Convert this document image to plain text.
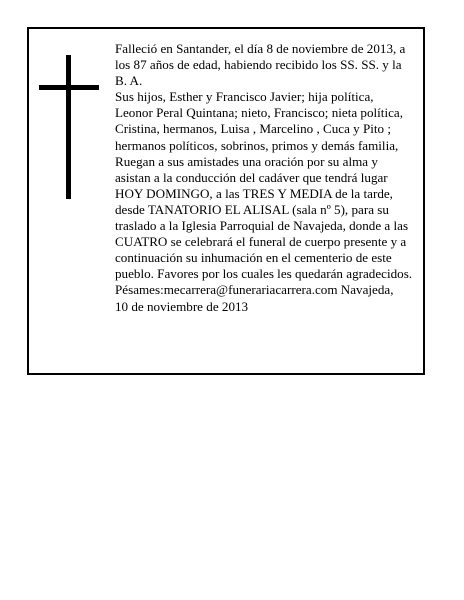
Falleció en Santander, el día 8 de noviembre de 2013, a
los 87 años de edad, habiendo recibido los SS. SS. y la
B. A.
Sus hijos, Esther y Francisco Javier; hija política,
Leonor Peral Quintana; nieto, Francisco; nieta política,
Cristina, hermanos, Luisa , Marcelino , Cuca y Pito ;
hermanos políticos, sobrinos, primos y demás familia,
Ruegan a sus amistades una oración por su alma y
asistan a la conducción del cadáver que tendrá lugar
HOY DOMINGO, a las TRES Y MEDIA de la tarde,
desde TANATORIO EL ALISAL (sala nº 5), para su
traslado a la Iglesia Parroquial de Navajeda, donde a las
CUATRO se celebrará el funeral de cuerpo presente y a
continuación su inhumación en el cementerio de este
pueblo. Favores por los cuales les quedarán agradecidos.
Pésames:mecarrera@funerariacarrera.com Navajeda,
10 de noviembre de 2013
